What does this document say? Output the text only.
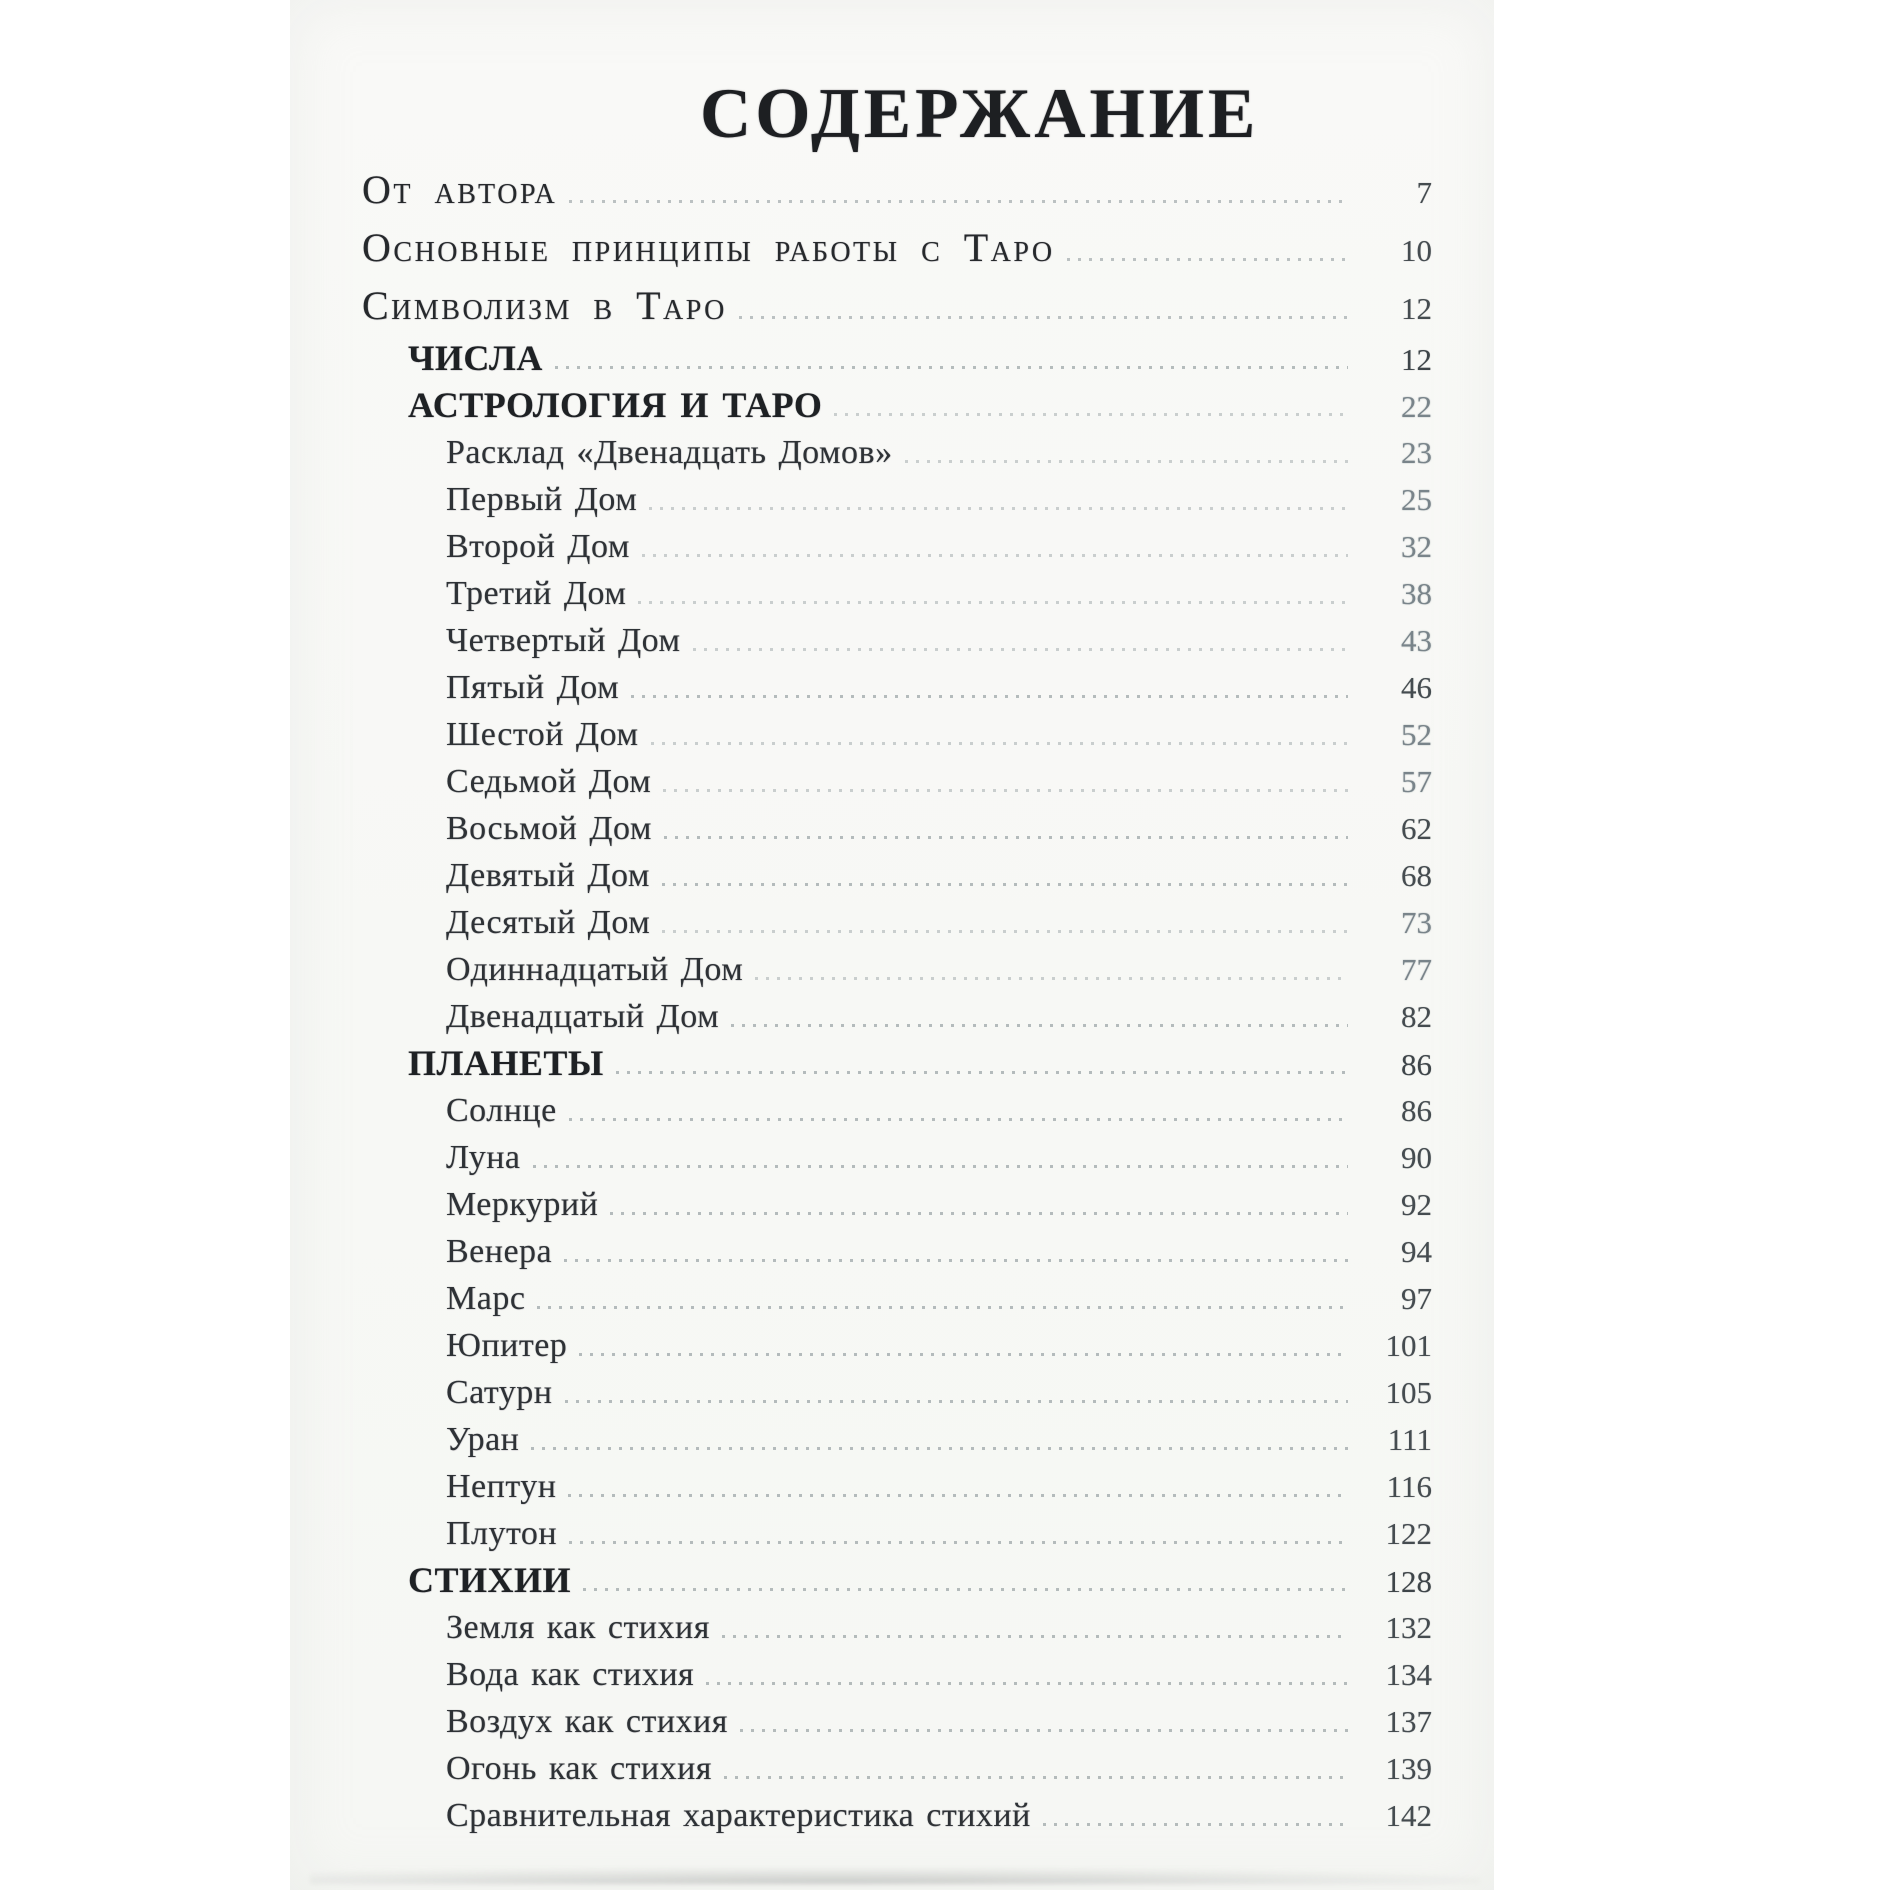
СОДЕРЖАНИЕ
От автора	7
Основные принципы работы с Таро	10
Символизм в Таро	12
ЧИСЛА	12
АСТРОЛОГИЯ И ТАРО	22
Расклад «Двенадцать Домов»	23
Первый Дом	25
Второй Дом	32
Третий Дом	38
Четвертый Дом	43
Пятый Дом	46
Шестой Дом	52
Седьмой Дом	57
Восьмой Дом	62
Девятый Дом	68
Десятый Дом	73
Одиннадцатый Дом	77
Двенадцатый Дом	82
ПЛАНЕТЫ	86
Солнце	86
Луна	90
Меркурий	92
Венера	94
Марс	97
Юпитер	101
Сатурн	105
Уран	111
Нептун	116
Плутон	122
СТИХИИ	128
Земля как стихия	132
Вода как стихия	134
Воздух как стихия	137
Огонь как стихия	139
Сравнительная характеристика стихий	142
